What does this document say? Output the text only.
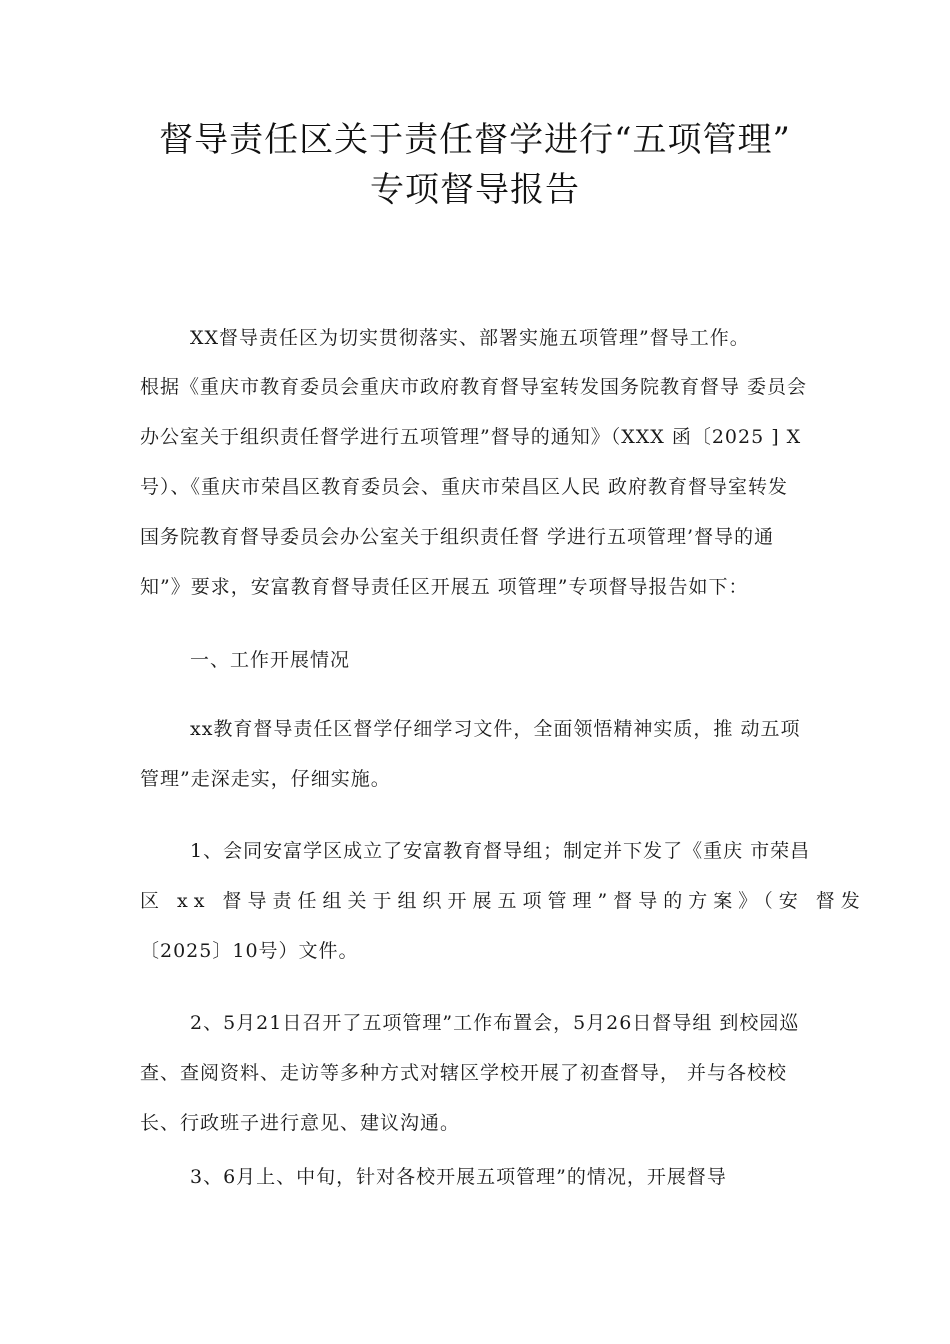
督导责任区关于责任督学进行“五项管理”
专项督导报告
XX督导责任区为切实贯彻落实、部署实施五项管理”督导工作。
根据《重庆市教育委员会重庆市政府教育督导室转发国务院教育督导 委员会
办公室关于组织责任督学进行五项管理”督导的通知》（XXX 函〔2025 ] X
号）、《重庆市荣昌区教育委员会、重庆市荣昌区人民 政府教育督导室转发
国务院教育督导委员会办公室关于组织责任督 学进行五项管理’督导的通
知”》要求，安富教育督导责任区开展五 项管理”专项督导报告如下：
一、工作开展情况
xx教育督导责任区督学仔细学习文件，全面领悟精神实质，推 动五项
管理”走深走实，仔细实施。
1、会同安富学区成立了安富教育督导组；制定并下发了《重庆 市荣昌
区 xx 督导责任组关于组织开展五项管理”督导的方案》（安 督发
〔2025〕10号）文件。
2、5月21日召开了五项管理”工作布置会，5月26日督导组 到校园巡
查、查阅资料、走访等多种方式对辖区学校开展了初查督导， 并与各校校
长、行政班子进行意见、建议沟通。
3、6月上、中旬，针对各校开展五项管理”的情况，开展督导
